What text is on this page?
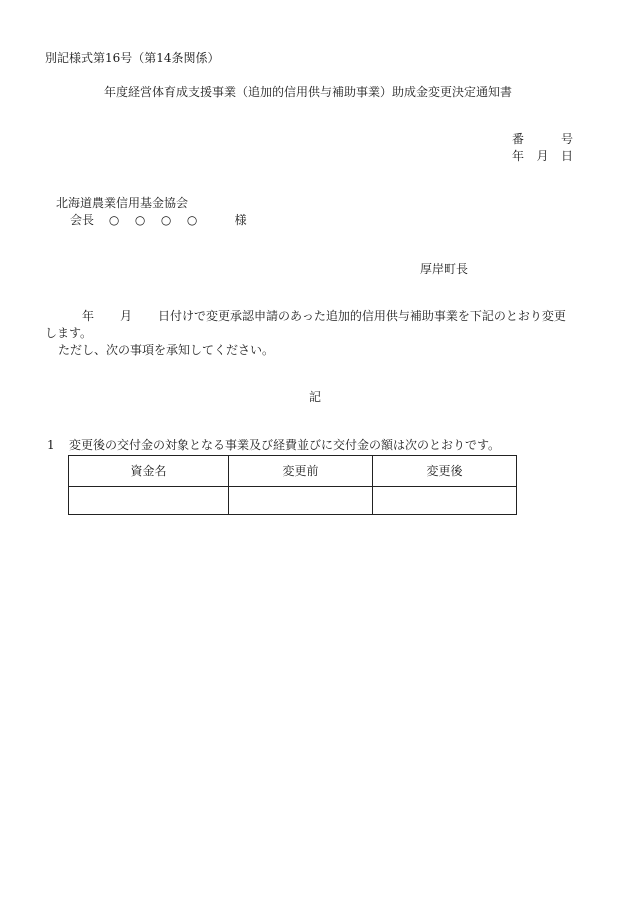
別記様式第16号（第14条関係）
年度経営体育成支援事業（追加的信用供与補助事業）助成金変更決定通知書
番	号
年 月 日
北海道農業信用基金協会
会長 ○ ○ ○ ○	様
厚岸町長
年 月 日付けで変更承認申請のあった追加的信用供与補助事業を下記のとおり変更
します。
ただし、次の事項を承知してください。
記
1 変更後の交付金の対象となる事業及び経費並びに交付金の額は次のとおりです。
資金名	変更前	変更後
